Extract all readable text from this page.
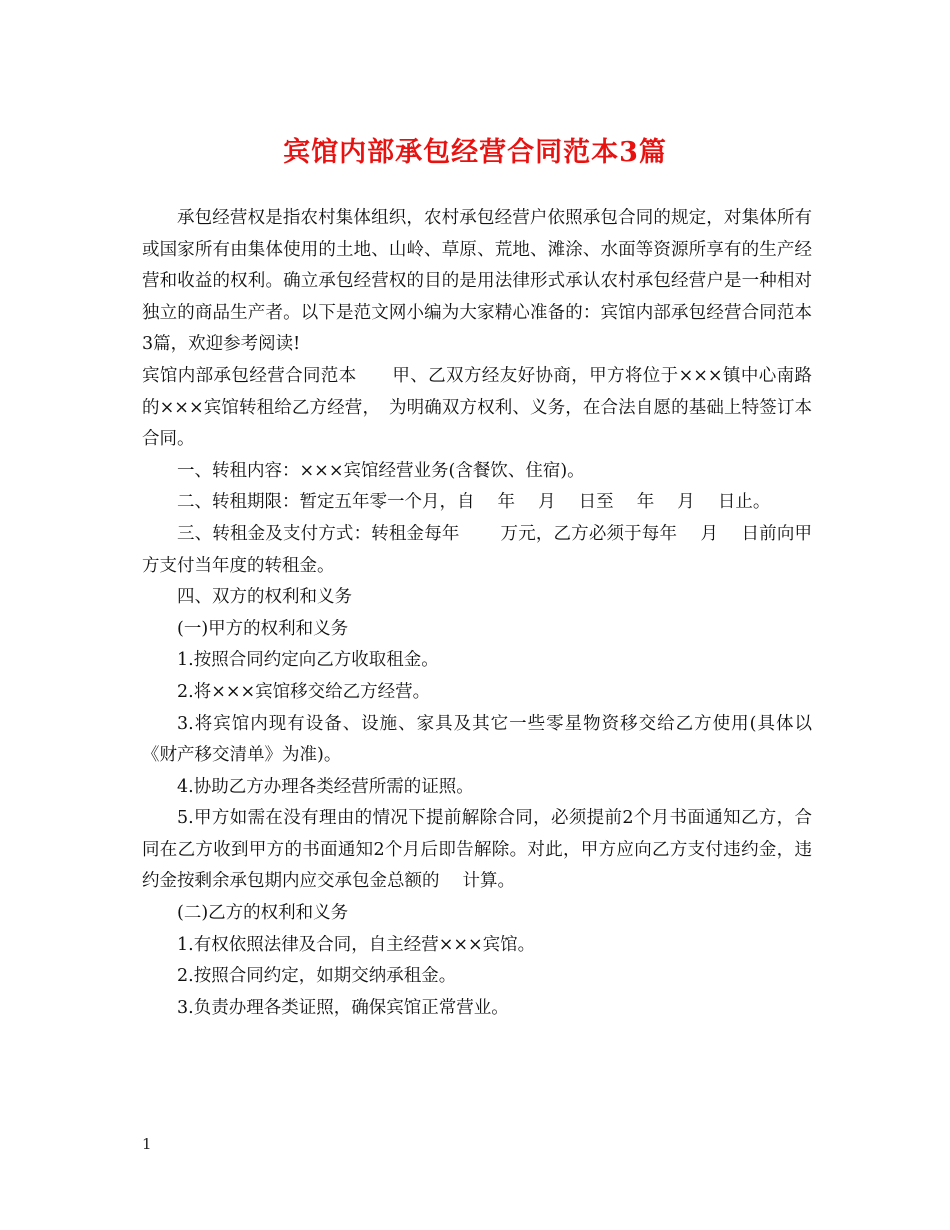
宾馆内部承包经营合同范本3篇

承包经营权是指农村集体组织，农村承包经营户依照承包合同的规定，对集体所有或国家所有由集体使用的土地、山岭、草原、荒地、滩涂、水面等资源所享有的生产经营和收益的权利。确立承包经营权的目的是用法律形式承认农村承包经营户是一种相对独立的商品生产者。以下是范文网小编为大家精心准备的：宾馆内部承包经营合同范本3篇，欢迎参考阅读!

宾馆内部承包经营合同范本　　甲、乙双方经友好协商，甲方将位于×××镇中心南路的×××宾馆转租给乙方经营，　为明确双方权利、义务，在合法自愿的基础上特签订本合同。

一、转租内容：×××宾馆经营业务(含餐饮、住宿)。

二、转租期限：暂定五年零一个月，自　 年　 月　 日至　 年　 月　 日止。

三、转租金及支付方式：转租金每年　　 万元，乙方必须于每年　 月　 日前向甲方支付当年度的转租金。

四、双方的权利和义务

(一)甲方的权利和义务

1.按照合同约定向乙方收取租金。

2.将×××宾馆移交给乙方经营。

3.将宾馆内现有设备、设施、家具及其它一些零星物资移交给乙方使用(具体以《财产移交清单》为准)。

4.协助乙方办理各类经营所需的证照。

5.甲方如需在没有理由的情况下提前解除合同，必须提前2个月书面通知乙方，合同在乙方收到甲方的书面通知2个月后即告解除。对此，甲方应向乙方支付违约金，违约金按剩余承包期内应交承包金总额的　 计算。

(二)乙方的权利和义务

1.有权依照法律及合同，自主经营×××宾馆。

2.按照合同约定，如期交纳承租金。

3.负责办理各类证照，确保宾馆正常营业。

1
